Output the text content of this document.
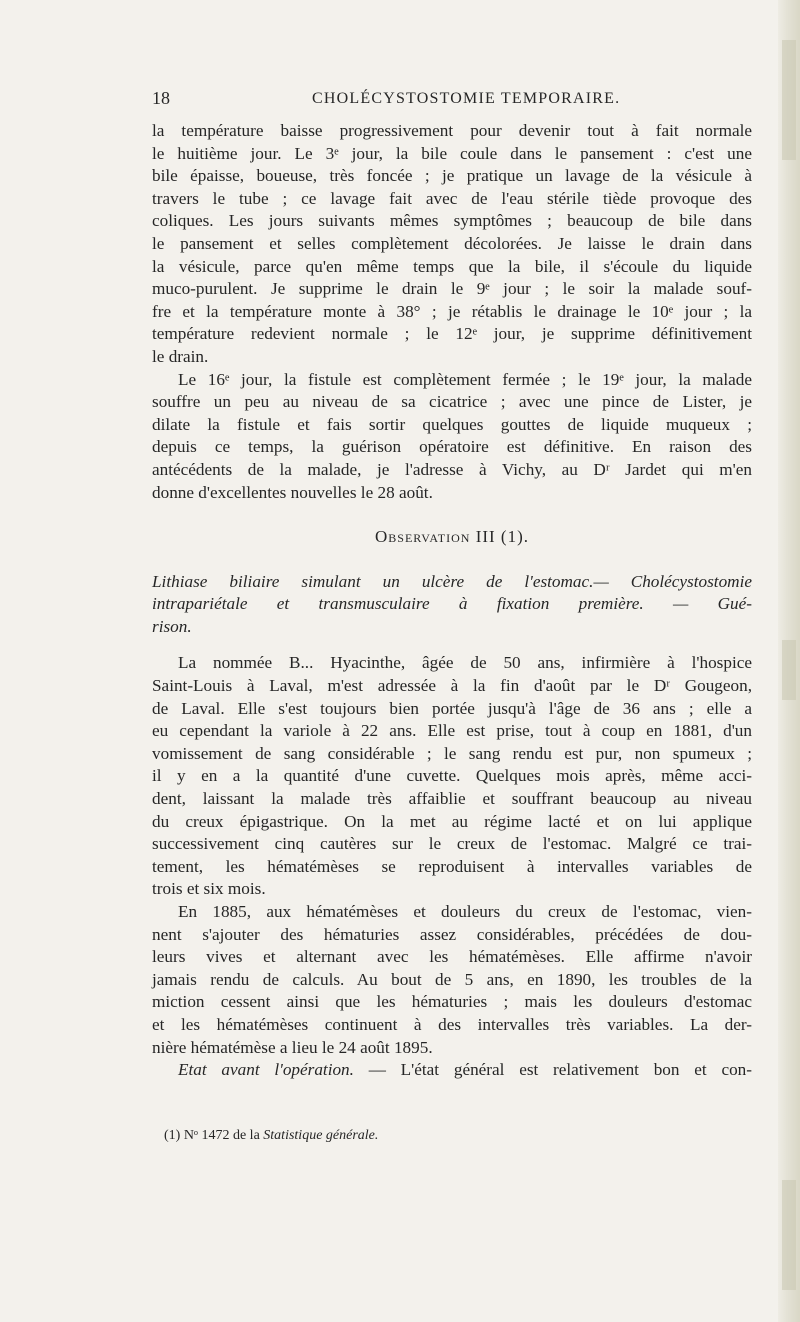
18	CHOLÉCYSTOSTOMIE TEMPORAIRE.
la température baisse progressivement pour devenir tout à fait normale
le huitième jour. Le 3ᵉ jour, la bile coule dans le pansement : c'est une
bile épaisse, boueuse, très foncée ; je pratique un lavage de la vésicule à
travers le tube ; ce lavage fait avec de l'eau stérile tiède provoque des
coliques. Les jours suivants mêmes symptômes ; beaucoup de bile dans
le pansement et selles complètement décolorées. Je laisse le drain dans
la vésicule, parce qu'en même temps que la bile, il s'écoule du liquide
muco-purulent. Je supprime le drain le 9ᵉ jour ; le soir la malade souf-
fre et la température monte à 38° ; je rétablis le drainage le 10ᵉ jour ; la
température redevient normale ; le 12ᵉ jour, je supprime définitivement
le drain.
Le 16ᵉ jour, la fistule est complètement fermée ; le 19ᵉ jour, la malade
souffre un peu au niveau de sa cicatrice ; avec une pince de Lister, je
dilate la fistule et fais sortir quelques gouttes de liquide muqueux ;
depuis ce temps, la guérison opératoire est définitive. En raison des
antécédents de la malade, je l'adresse à Vichy, au Dʳ Jardet qui m'en
donne d'excellentes nouvelles le 28 août.
Observation III (1).
Lithiase biliaire simulant un ulcère de l'estomac.— Cholécystostomie
intrapariétale et transmusculaire à fixation première. — Gué-
rison.
La nommée B... Hyacinthe, âgée de 50 ans, infirmière à l'hospice
Saint-Louis à Laval, m'est adressée à la fin d'août par le Dʳ Gougeon,
de Laval. Elle s'est toujours bien portée jusqu'à l'âge de 36 ans ; elle a
eu cependant la variole à 22 ans. Elle est prise, tout à coup en 1881, d'un
vomissement de sang considérable ; le sang rendu est pur, non spumeux ;
il y en a la quantité d'une cuvette. Quelques mois après, même acci-
dent, laissant la malade très affaiblie et souffrant beaucoup au niveau
du creux épigastrique. On la met au régime lacté et on lui applique
successivement cinq cautères sur le creux de l'estomac. Malgré ce trai-
tement, les hématémèses se reproduisent à intervalles variables de
trois et six mois.
En 1885, aux hématémèses et douleurs du creux de l'estomac, vien-
nent s'ajouter des hématuries assez considérables, précédées de dou-
leurs vives et alternant avec les hématémèses. Elle affirme n'avoir
jamais rendu de calculs. Au bout de 5 ans, en 1890, les troubles de la
miction cessent ainsi que les hématuries ; mais les douleurs d'estomac
et les hématémèses continuent à des intervalles très variables. La der-
nière hématémèse a lieu le 24 août 1895.
Etat avant l'opération. — L'état général est relativement bon et con-
(1) Nᵒ 1472 de la Statistique générale.
